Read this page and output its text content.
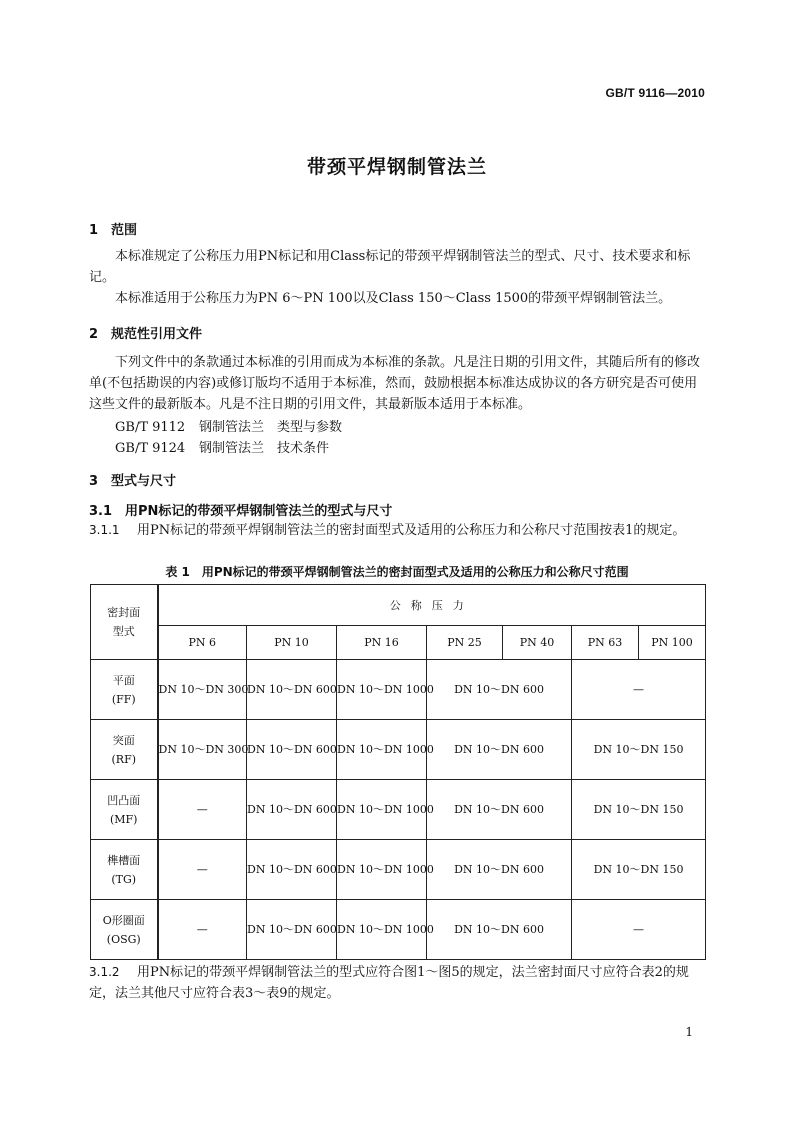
GB/T 9116—2010
带颈平焊钢制管法兰
1 范围
本标准规定了公称压力用PN标记和用Class标记的带颈平焊钢制管法兰的型式、尺寸、技术要求和标记。
本标准适用于公称压力为PN 6～PN 100以及Class 150～Class 1500的带颈平焊钢制管法兰。
2 规范性引用文件
下列文件中的条款通过本标准的引用而成为本标准的条款。凡是注日期的引用文件，其随后所有的修改单(不包括勘误的内容)或修订版均不适用于本标准，然而，鼓励根据本标准达成协议的各方研究是否可使用这些文件的最新版本。凡是不注日期的引用文件，其最新版本适用于本标准。
GB/T 9112 钢制管法兰　类型与参数
GB/T 9124 钢制管法兰　技术条件
3 型式与尺寸
3.1 用PN标记的带颈平焊钢制管法兰的型式与尺寸
3.1.1 用PN标记的带颈平焊钢制管法兰的密封面型式及适用的公称压力和公称尺寸范围按表1的规定。
表 1 用PN标记的带颈平焊钢制管法兰的密封面型式及适用的公称压力和公称尺寸范围
密封面
型式	公称压力						
	PN 6	PN 10	PN 16	PN 25	PN 40	PN 63	PN 100

平面
(FF)	DN 10～DN 300	DN 10～DN 600	DN 10～DN 1000	DN 10～DN 600		—	

突面
(RF)	DN 10～DN 300	DN 10～DN 600	DN 10～DN 1000	DN 10～DN 600		DN 10～DN 150	

凹凸面
(MF)	—	DN 10～DN 600	DN 10～DN 1000	DN 10～DN 600		DN 10～DN 150	

榫槽面
(TG)	—	DN 10～DN 600	DN 10～DN 1000	DN 10～DN 600		DN 10～DN 150	

O形圈面
(OSG)	—	DN 10～DN 600	DN 10～DN 1000	DN 10～DN 600		—	
3.1.2 用PN标记的带颈平焊钢制管法兰的型式应符合图1～图5的规定，法兰密封面尺寸应符合表2的规定，法兰其他尺寸应符合表3～表9的规定。
1
